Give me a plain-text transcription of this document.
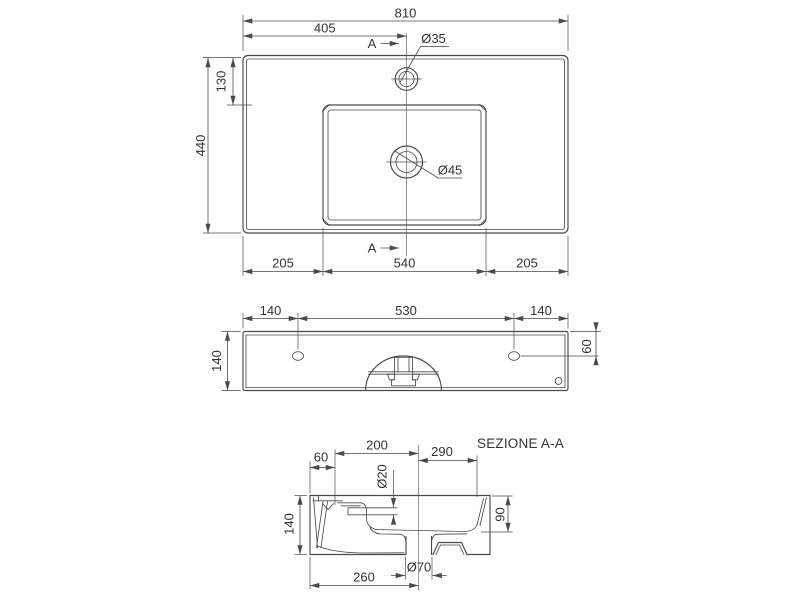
810
405
130
440
205	540	205
Ø35
Ø45
A
A
140	530	140
140
60
SEZIONE A-A
60
200	290
Ø20
140	90
260
Ø70
